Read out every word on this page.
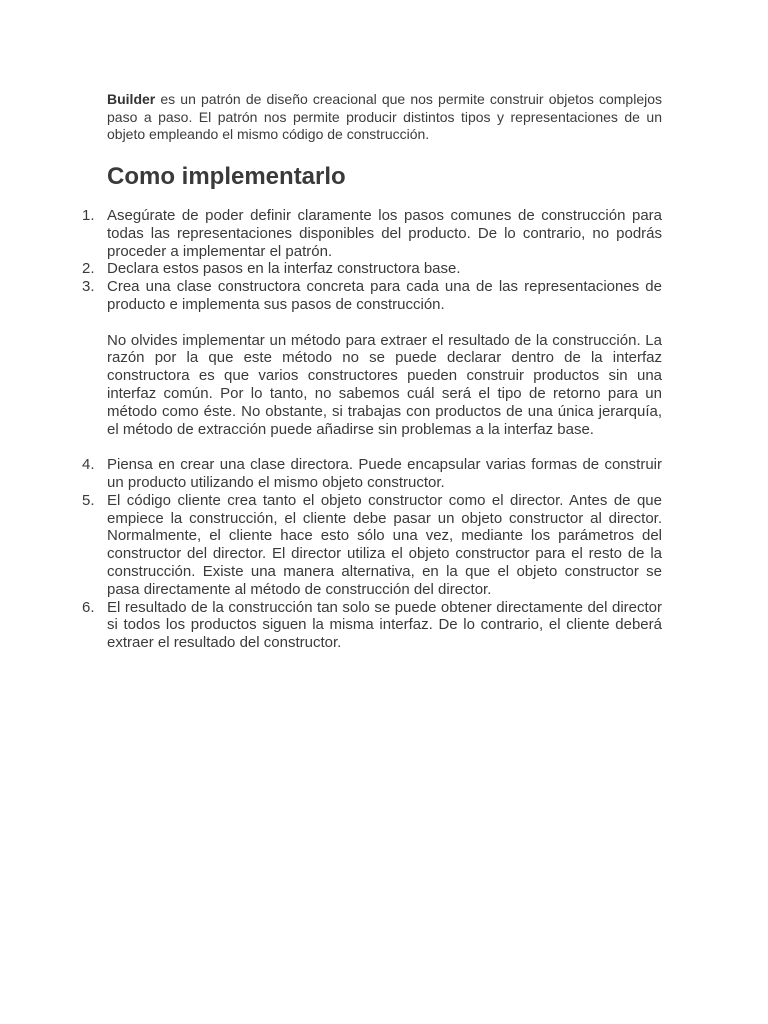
Builder es un patrón de diseño creacional que nos permite construir objetos complejos paso a paso. El patrón nos permite producir distintos tipos y representaciones de un objeto empleando el mismo código de construcción.

Como implementarlo
1. Asegúrate de poder definir claramente los pasos comunes de construcción para todas las representaciones disponibles del producto. De lo contrario, no podrás proceder a implementar el patrón.
2. Declara estos pasos en la interfaz constructora base.
3. Crea una clase constructora concreta para cada una de las representaciones de producto e implementa sus pasos de construcción.
No olvides implementar un método para extraer el resultado de la construcción. La razón por la que este método no se puede declarar dentro de la interfaz constructora es que varios constructores pueden construir productos sin una interfaz común. Por lo tanto, no sabemos cuál será el tipo de retorno para un método como éste. No obstante, si trabajas con productos de una única jerarquía, el método de extracción puede añadirse sin problemas a la interfaz base.
4. Piensa en crear una clase directora. Puede encapsular varias formas de construir un producto utilizando el mismo objeto constructor.
5. El código cliente crea tanto el objeto constructor como el director. Antes de que empiece la construcción, el cliente debe pasar un objeto constructor al director. Normalmente, el cliente hace esto sólo una vez, mediante los parámetros del constructor del director. El director utiliza el objeto constructor para el resto de la construcción. Existe una manera alternativa, en la que el objeto constructor se pasa directamente al método de construcción del director.
6. El resultado de la construcción tan solo se puede obtener directamente del director si todos los productos siguen la misma interfaz. De lo contrario, el cliente deberá extraer el resultado del constructor.
